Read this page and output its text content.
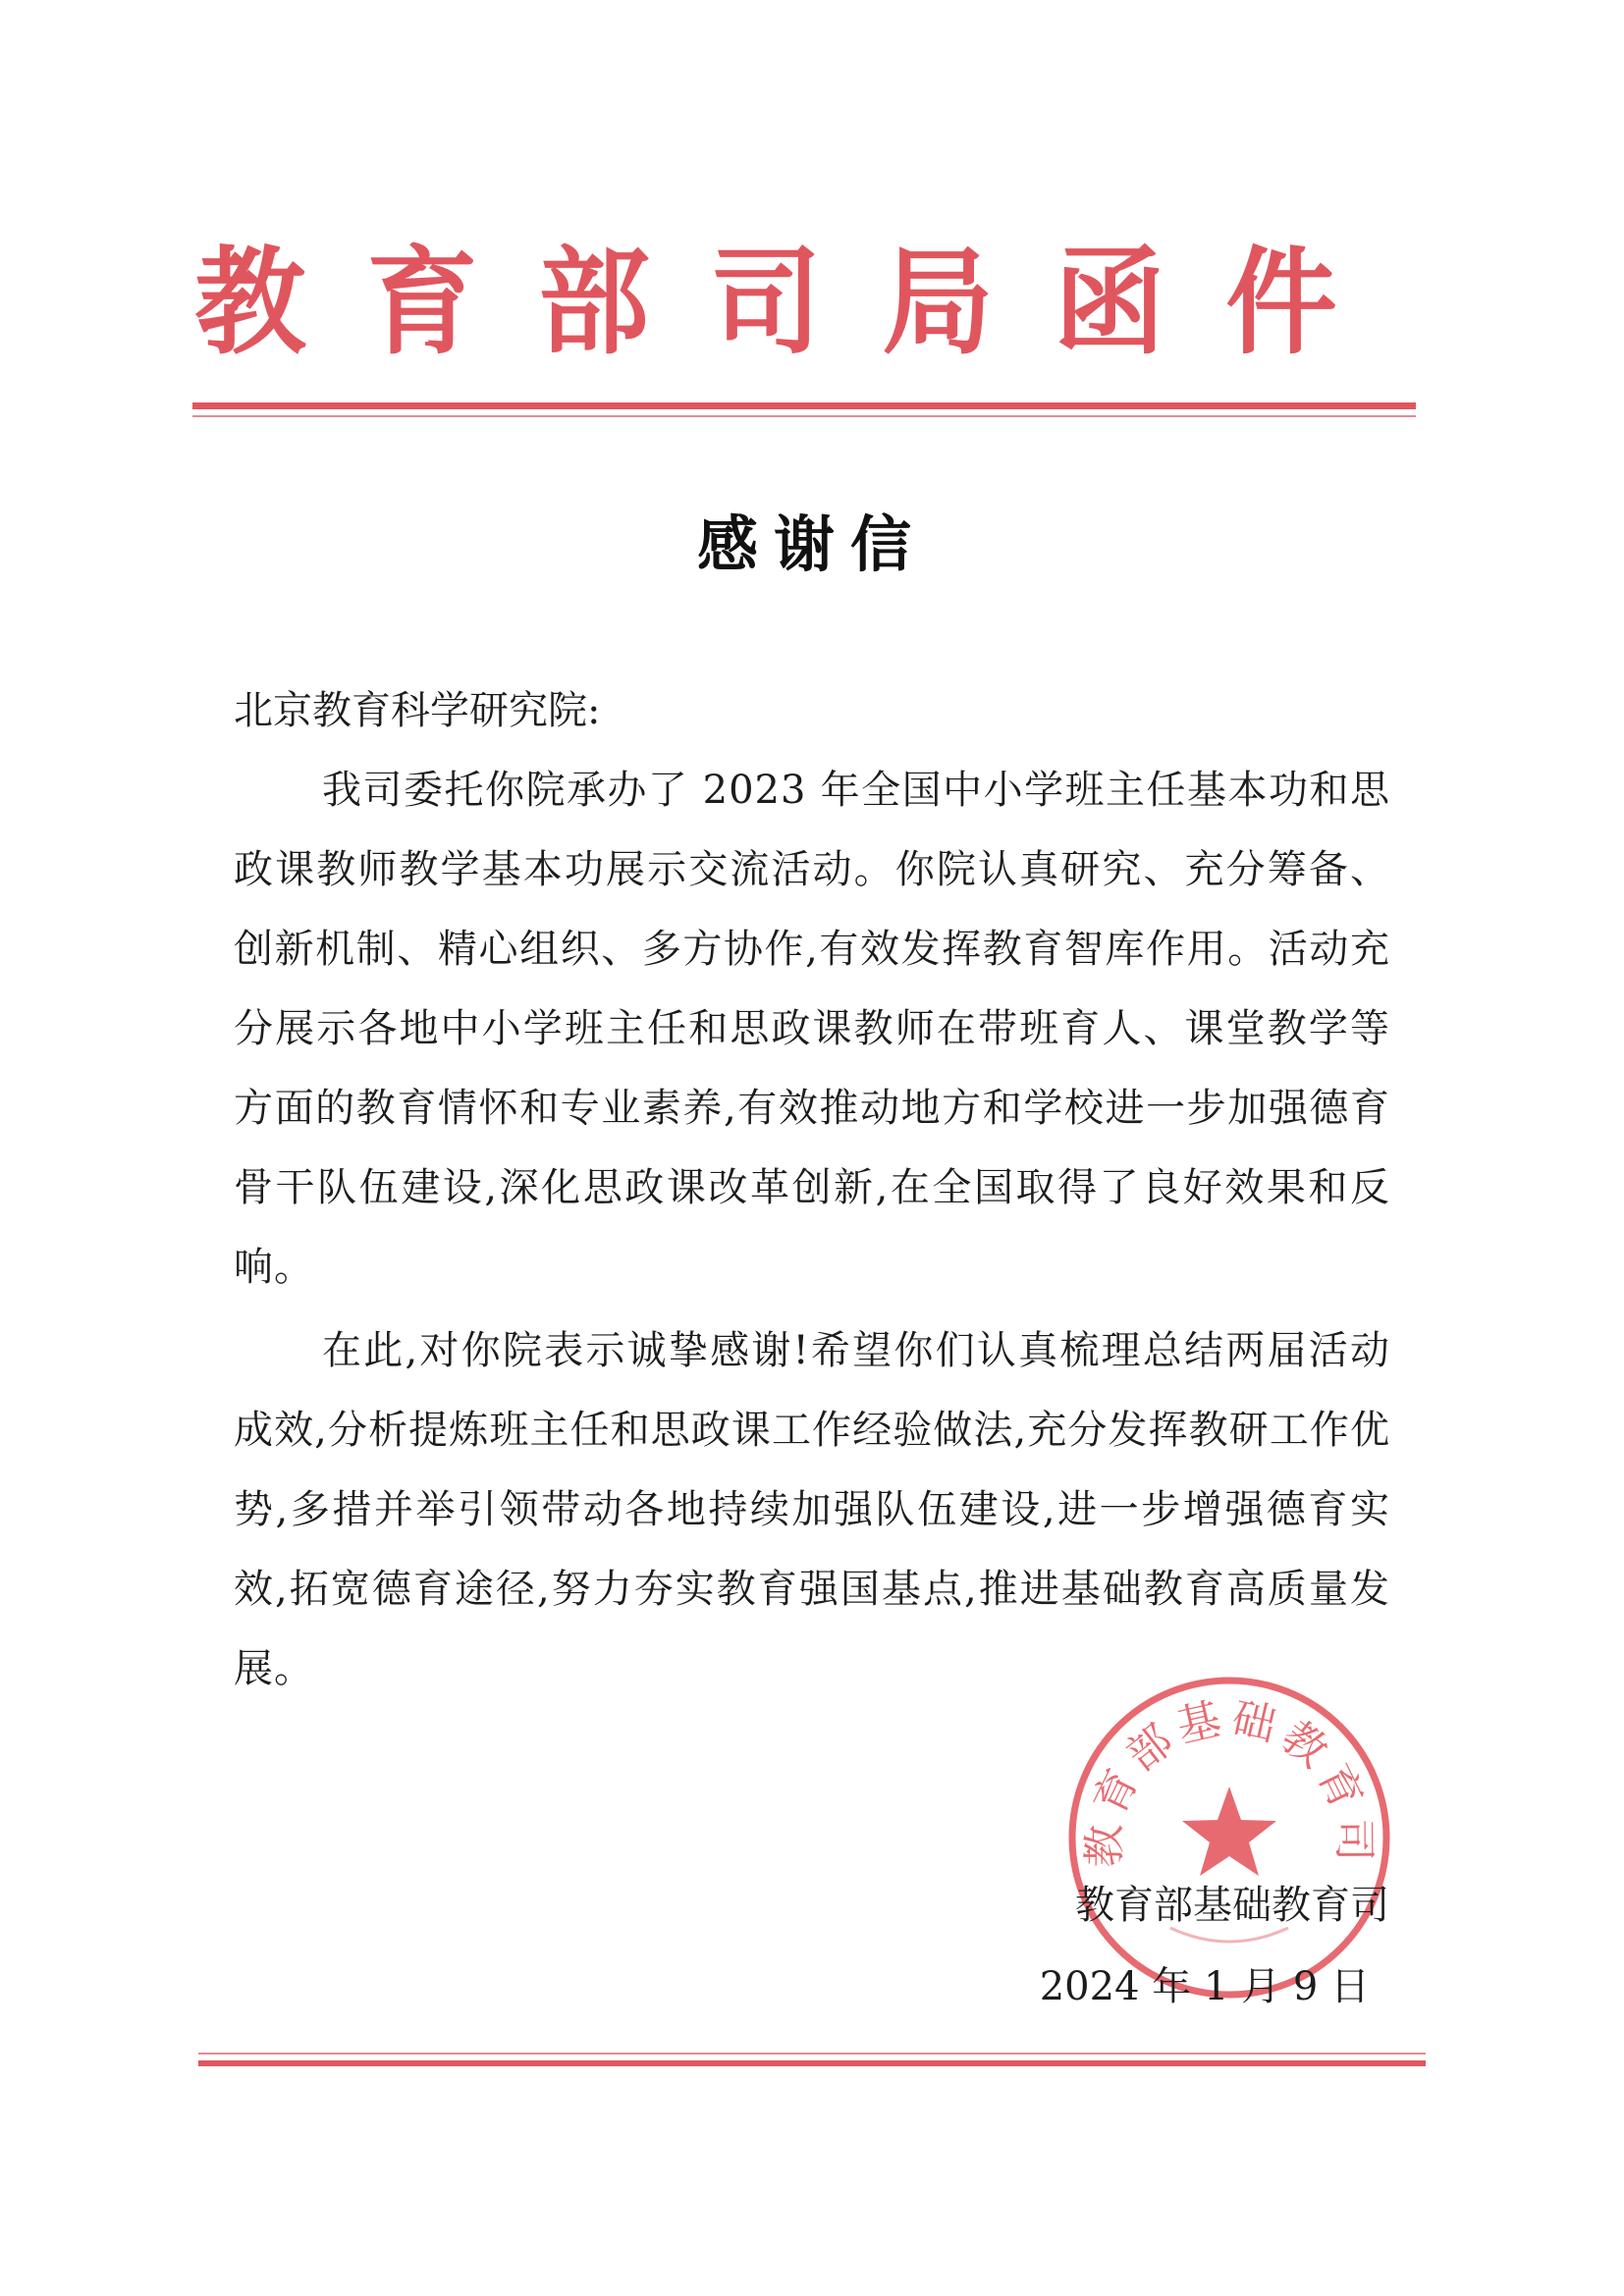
教 育 部 司 局 函 件
感谢信
北京教育科学研究院:

我司委托你院承办了 2023 年全国中小学班主任基本功和思政课教师教学基本功展示交流活动。你院认真研究、充分筹备、创新机制、精心组织、多方协作,有效发挥教育智库作用。活动充分展示各地中小学班主任和思政课教师在带班育人、课堂教学等方面的教育情怀和专业素养,有效推动地方和学校进一步加强德育骨干队伍建设,深化思政课改革创新,在全国取得了良好效果和反响。

在此,对你院表示诚挚感谢!希望你们认真梳理总结两届活动成效,分析提炼班主任和思政课工作经验做法,充分发挥教研工作优势,多措并举引领带动各地持续加强队伍建设,进一步增强德育实效,拓宽德育途径,努力夯实教育强国基点,推进基础教育高质量发展。

教育部基础教育司
教育部基础教育司
2024 年 1 月 9 日
